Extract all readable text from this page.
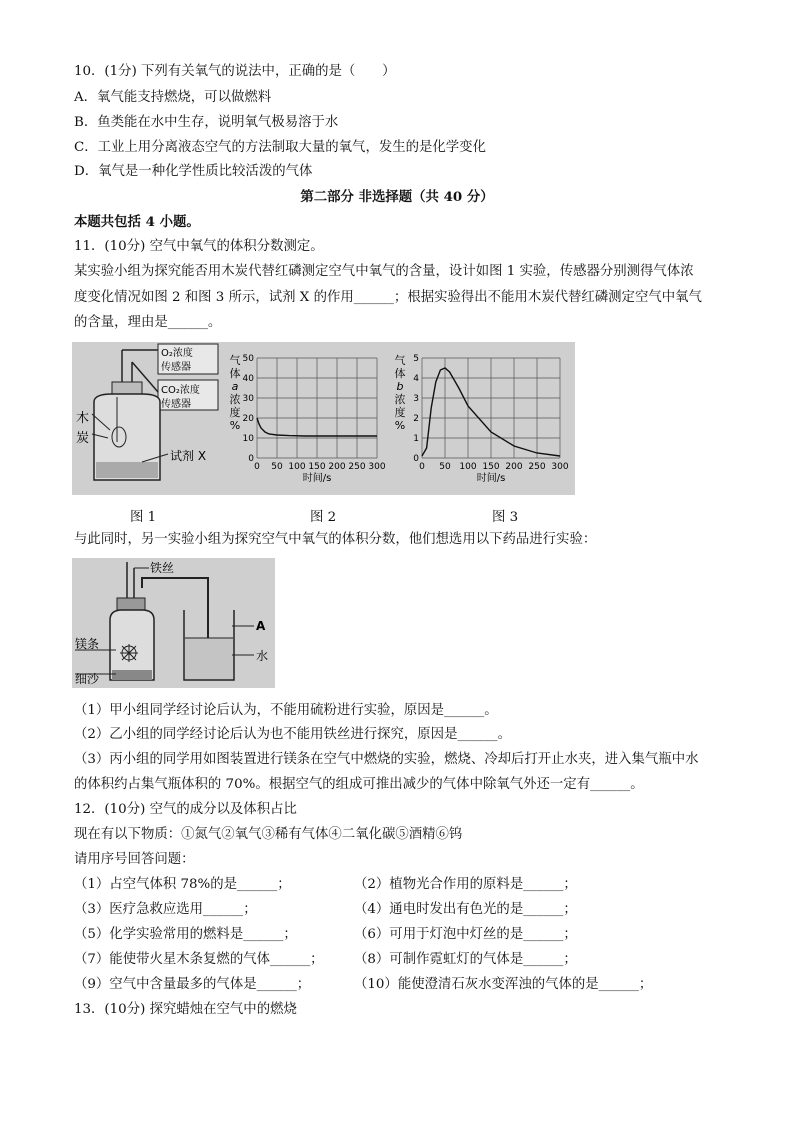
10．(1分) 下列有关氧气的说法中，正确的是（　　）
A．氧气能支持燃烧，可以做燃料
B．鱼类能在水中生存，说明氧气极易溶于水
C．工业上用分离液态空气的方法制取大量的氧气，发生的是化学变化
D．氧气是一种化学性质比较活泼的气体
第二部分 非选择题（共 40 分）
本题共包括 4 小题。
11．(10分) 空气中氧气的体积分数测定。
某实验小组为探究能否用木炭代替红磷测定空气中氧气的含量，设计如图 1 实验，传感器分别测得气体浓
度变化情况如图 2 和图 3 所示，试剂 X 的作用______；根据实验得出不能用木炭代替红磷测定空气中氧气
的含量，理由是______。
O₂浓度
传感器
CO₂浓度
传感器
木
炭
试剂 X
0 50 100 150 200 250 300
10
20
30
40
50
0
时间/s
气
体
a
浓
度
%
0 50 100 150 200 250 300
1
2
3
4
5
0
时间/s
气
体
b
浓
度
%
图 1	图 2	图 3
与此同时，另一实验小组为探究空气中氧气的体积分数，他们想选用以下药品进行实验：
铁丝
镁条
细沙
A
水
（1）甲小组同学经讨论后认为，不能用硫粉进行实验，原因是______。
（2）乙小组的同学经讨论后认为也不能用铁丝进行探究，原因是______。
（3）丙小组的同学用如图装置进行镁条在空气中燃烧的实验，燃烧、冷却后打开止水夹，进入集气瓶中水
的体积约占集气瓶体积的 70%。根据空气的组成可推出减少的气体中除氧气外还一定有______。
12．(10分) 空气的成分以及体积占比
现在有以下物质：①氮气②氧气③稀有气体④二氧化碳⑤酒精⑥钨
请用序号回答问题：
（1）占空气体积 78%的是______；	（2）植物光合作用的原料是______；
（3）医疗急救应选用______；	（4）通电时发出有色光的是______；
（5）化学实验常用的燃料是______；	（6）可用于灯泡中灯丝的是______；
（7）能使带火星木条复燃的气体______； （8）可制作霓虹灯的气体是______；
（9）空气中含量最多的气体是______；	（10）能使澄清石灰水变浑浊的气体的是______；
13．(10分) 探究蜡烛在空气中的燃烧
